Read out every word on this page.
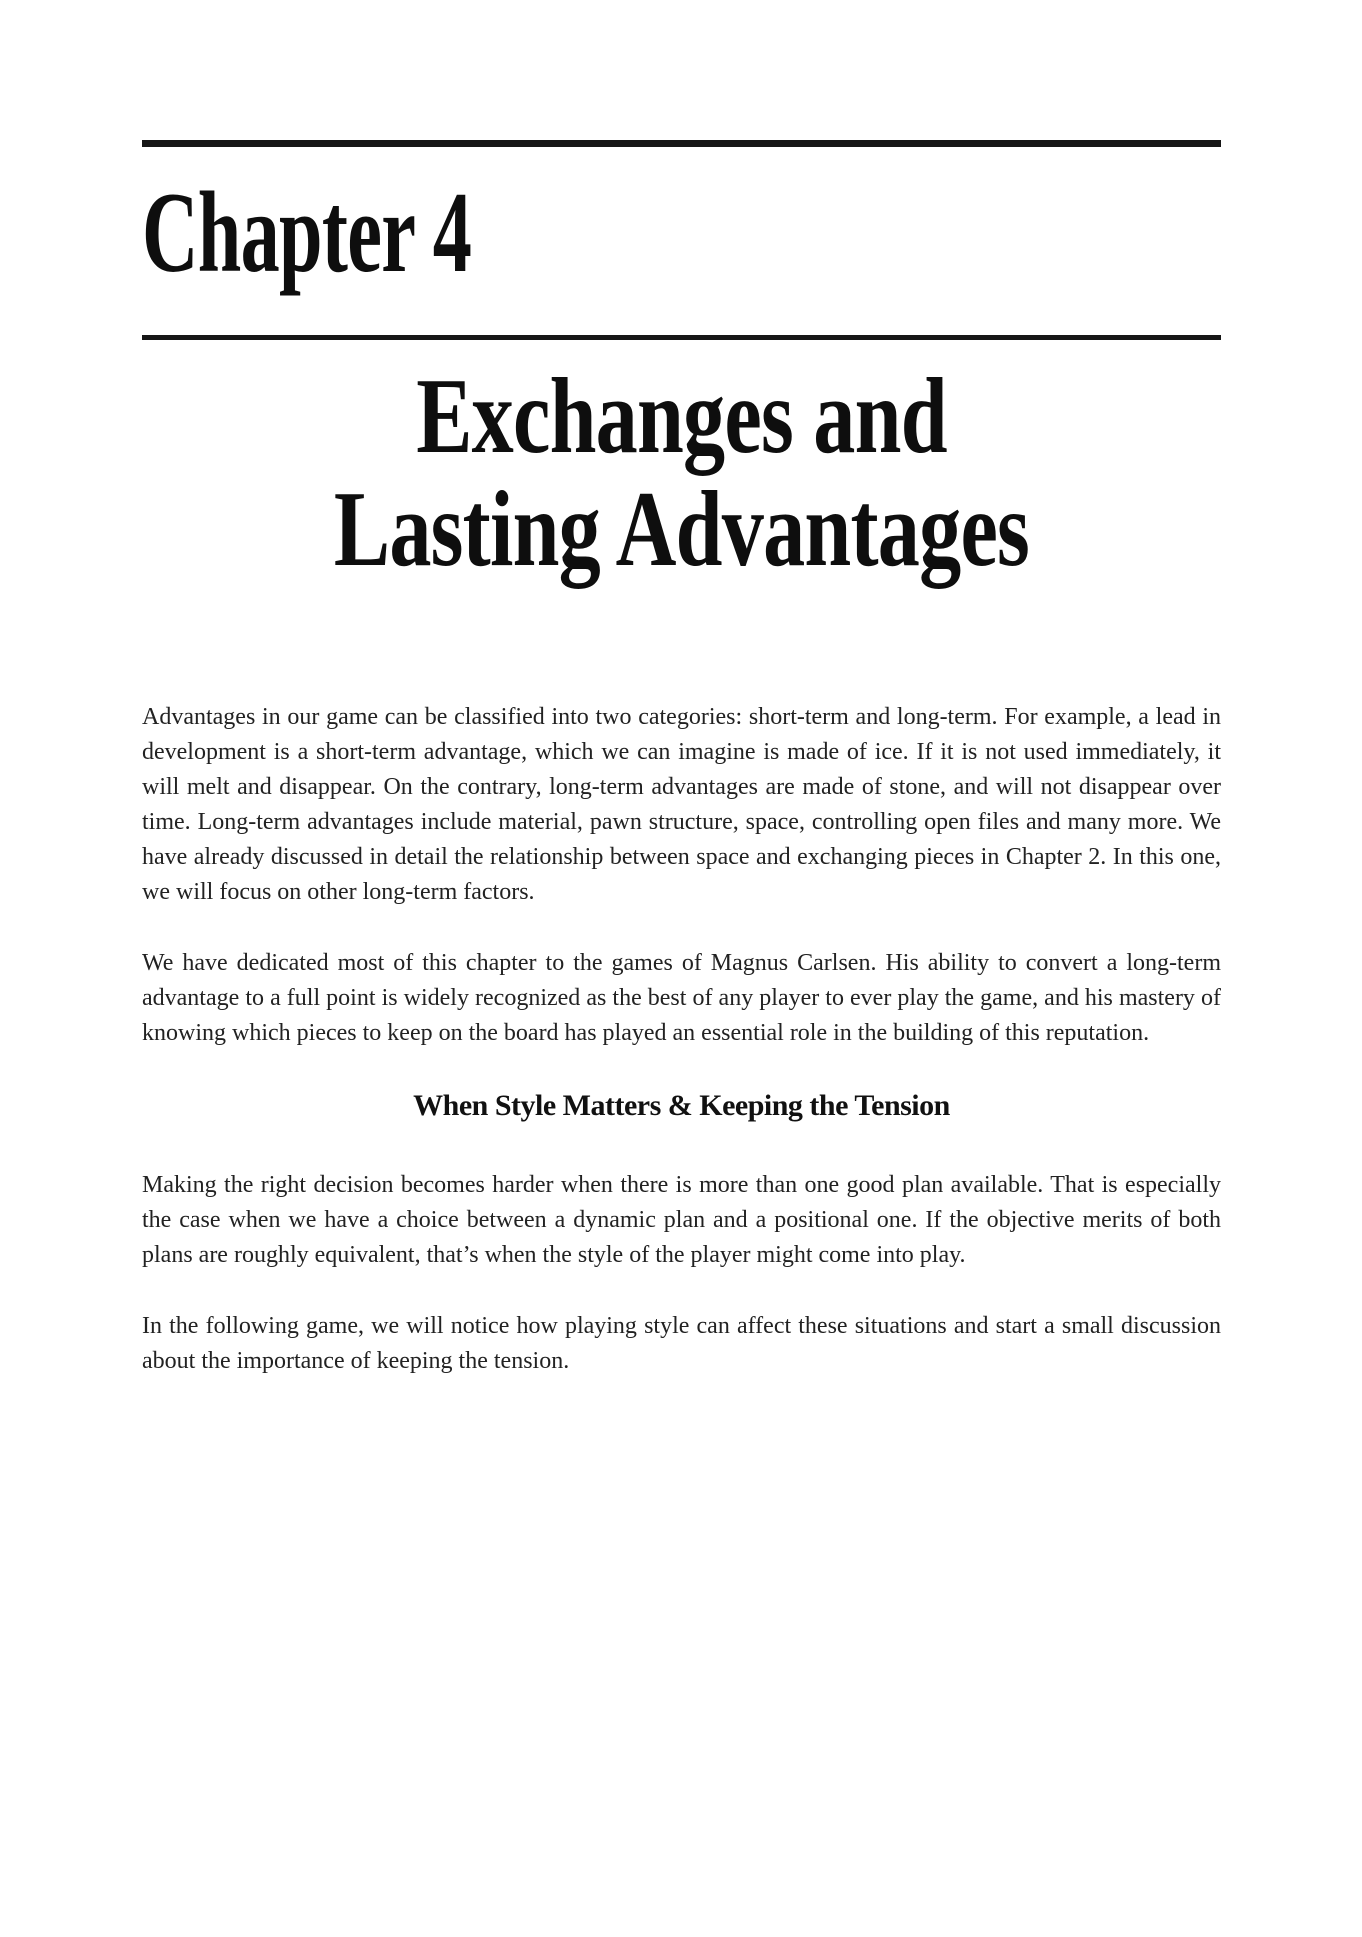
Chapter 4
Exchanges and
Lasting Advantages

Advantages in our game can be classified into two categories: short-term and long-term. For example, a lead in development is a short-term advantage, which we can imagine is made of ice. If it is not used immediately, it will melt and disappear. On the contrary, long-term advantages are made of stone, and will not disappear over time. Long-term advantages include material, pawn structure, space, controlling open files and many more. We have already discussed in detail the relationship between space and exchanging pieces in Chapter 2. In this one, we will focus on other long-term factors.

We have dedicated most of this chapter to the games of Magnus Carlsen. His ability to convert a long-term advantage to a full point is widely recognized as the best of any player to ever play the game, and his mastery of knowing which pieces to keep on the board has played an essential role in the building of this reputation.

When Style Matters & Keeping the Tension

Making the right decision becomes harder when there is more than one good plan available. That is especially the case when we have a choice between a dynamic plan and a positional one. If the objective merits of both plans are roughly equivalent, that’s when the style of the player might come into play.

In the following game, we will notice how playing style can affect these situations and start a small discussion about the importance of keeping the tension.
